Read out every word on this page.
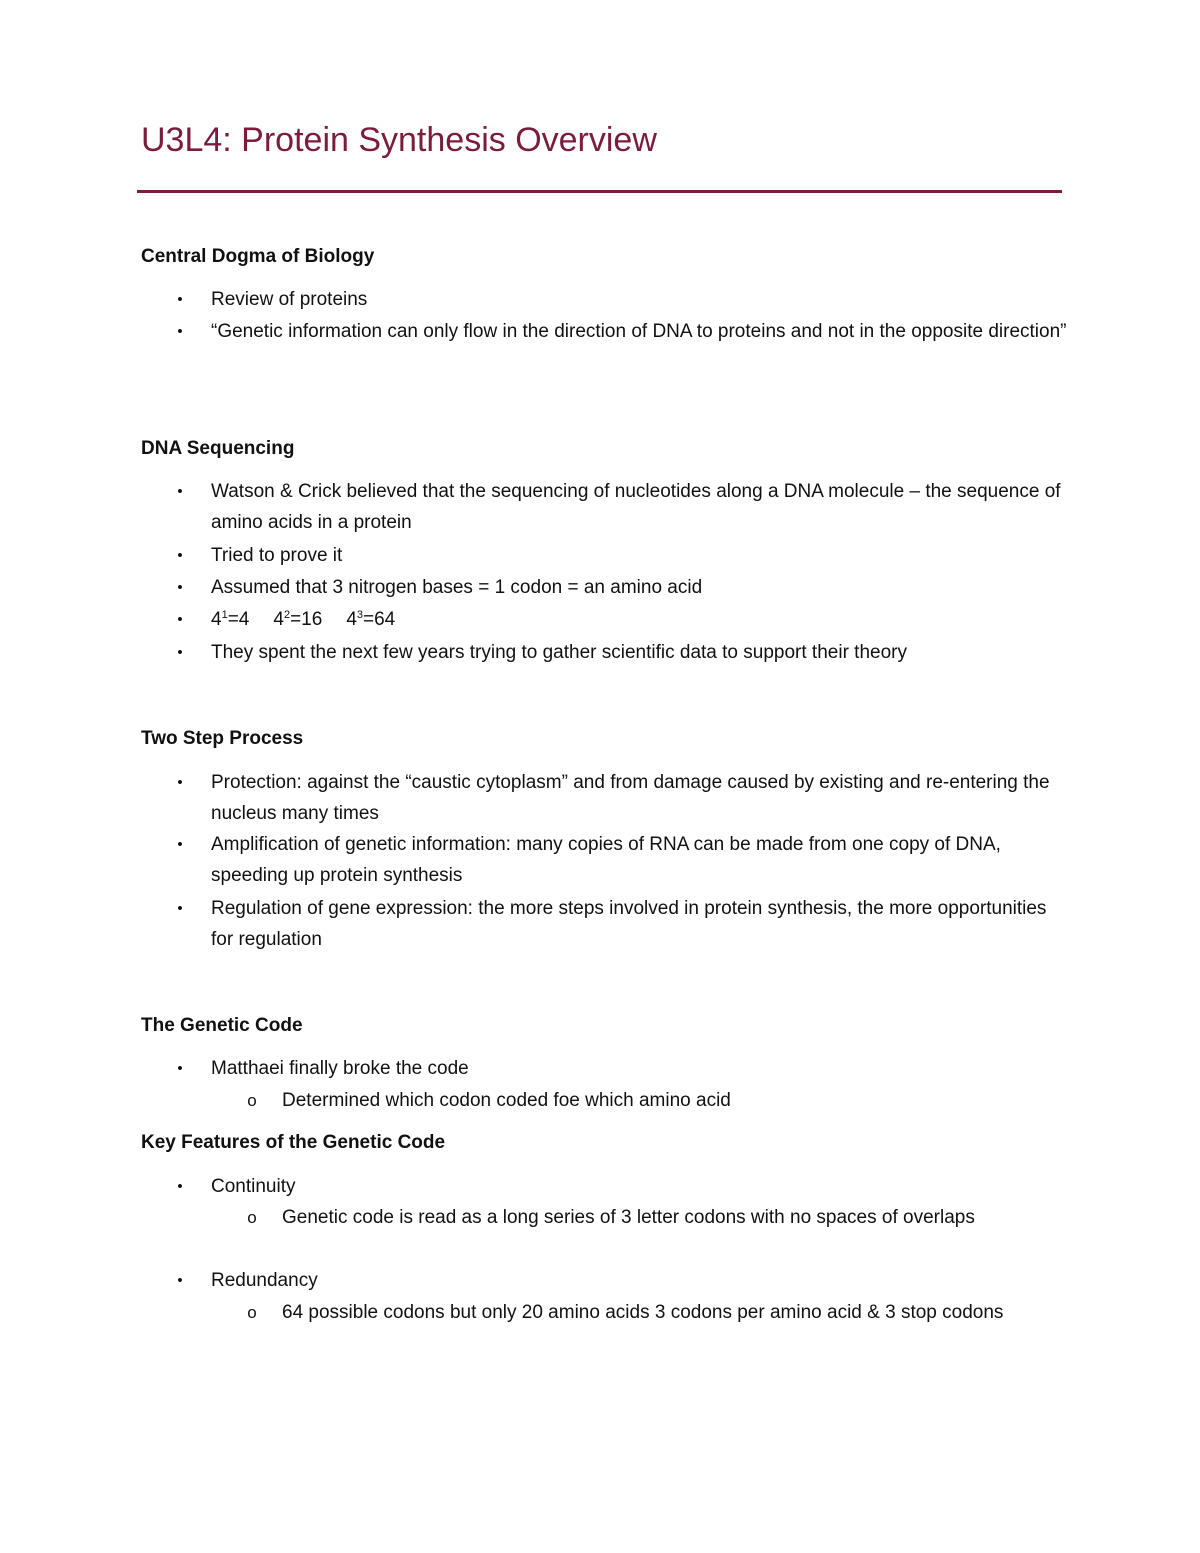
U3L4: Protein Synthesis Overview
Central Dogma of Biology
•	Review of proteins
•	“Genetic information can only flow in the direction of DNA to proteins and not in the opposite direction”
DNA Sequencing
•	Watson & Crick believed that the sequencing of nucleotides along a DNA molecule – the sequence of amino acids in a protein
•	Tried to prove it
•	Assumed that 3 nitrogen bases = 1 codon = an amino acid
•	$4^1=4$ $4^2=16$ $4^3=64$
•	They spent the next few years trying to gather scientific data to support their theory
Two Step Process
•	Protection: against the “caustic cytoplasm” and from damage caused by existing and re-entering the nucleus many times
•	Amplification of genetic information: many copies of RNA can be made from one copy of DNA, speeding up protein synthesis
•	Regulation of gene expression: the more steps involved in protein synthesis, the more opportunities for regulation
The Genetic Code
•	Matthaei finally broke the code
o Determined which codon coded foe which amino acid
Key Features of the Genetic Code
•	Continuity
o Genetic code is read as a long series of 3 letter codons with no spaces of overlaps
•	Redundancy
o 64 possible codons but only 20 amino acids 3 codons per amino acid & 3 stop codons
